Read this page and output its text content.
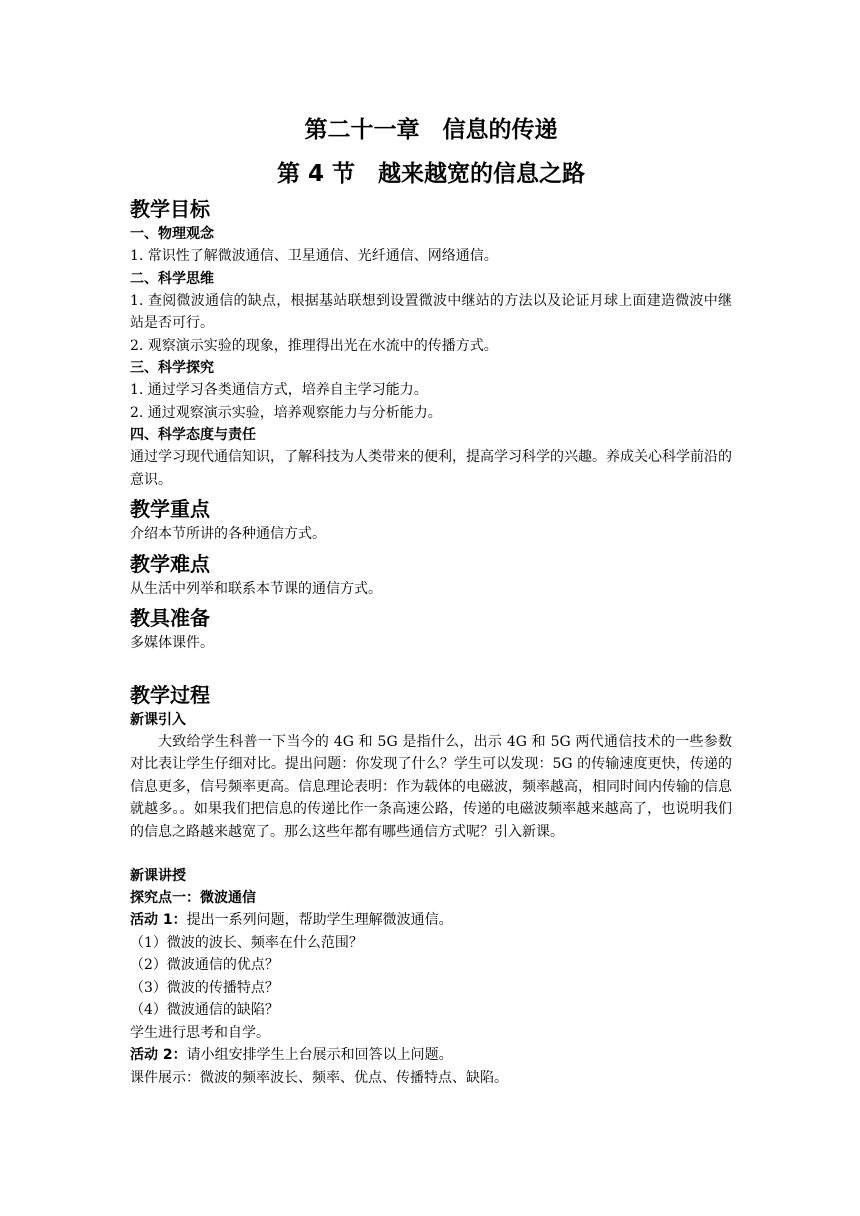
第二十一章　信息的传递

第 4 节　越来越宽的信息之路

教学目标

一、物理观念

1. 常识性了解微波通信、卫星通信、光纤通信、网络通信。

二、科学思维

1. 查阅微波通信的缺点，根据基站联想到设置微波中继站的方法以及论证月球上面建造微波中继站是否可行。

2. 观察演示实验的现象，推理得出光在水流中的传播方式。

三、科学探究

1. 通过学习各类通信方式，培养自主学习能力。

2. 通过观察演示实验，培养观察能力与分析能力。

四、科学态度与责任

通过学习现代通信知识，了解科技为人类带来的便利，提高学习科学的兴趣。养成关心科学前沿的意识。

教学重点

介绍本节所讲的各种通信方式。

教学难点

从生活中列举和联系本节课的通信方式。

教具准备

多媒体课件。

教学过程

新课引入

大致给学生科普一下当今的 4G 和 5G 是指什么，出示 4G 和 5G 两代通信技术的一些参数对比表让学生仔细对比。提出问题：你发现了什么？学生可以发现：5G 的传输速度更快，传递的信息更多，信号频率更高。信息理论表明：作为载体的电磁波，频率越高，相同时间内传输的信息就越多。。如果我们把信息的传递比作一条高速公路，传递的电磁波频率越来越高了，也说明我们的信息之路越来越宽了。那么这些年都有哪些通信方式呢？引入新课。

新课讲授

探究点一：微波通信

活动 1：提出一系列问题，帮助学生理解微波通信。

（1）微波的波长、频率在什么范围？

（2）微波通信的优点？

（3）微波的传播特点？

（4）微波通信的缺陷？

学生进行思考和自学。

活动 2：请小组安排学生上台展示和回答以上问题。

课件展示：微波的频率波长、频率、优点、传播特点、缺陷。
